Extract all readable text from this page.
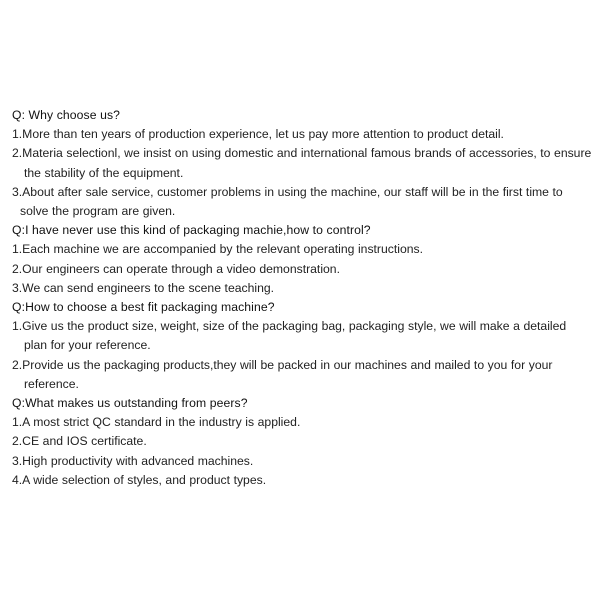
Q: Why choose us?

1.More than ten years of production experience, let us pay more attention to product detail.

2.Materia selectionl, we insist on using domestic and international famous brands of accessories, to ensure the stability of the equipment.

3.About after sale service, customer problems in using the machine, our staff will be in the first time to solve the program are given.

Q:I have never use this kind of packaging machie,how to control?

1.Each machine we are accompanied by the relevant operating instructions.

2.Our engineers can operate through a video demonstration.

3.We can send engineers to the scene teaching.

Q:How to choose a best fit packaging machine?

1.Give us the product size, weight, size of the packaging bag, packaging style, we will make a detailed plan for your reference.

2.Provide us the packaging products,they will be packed in our machines and mailed to you for your reference.

Q:What makes us outstanding from peers?

1.A most strict QC standard in the industry is applied.

2.CE and IOS certificate.

3.High productivity with advanced machines.

4.A wide selection of styles, and product types.
